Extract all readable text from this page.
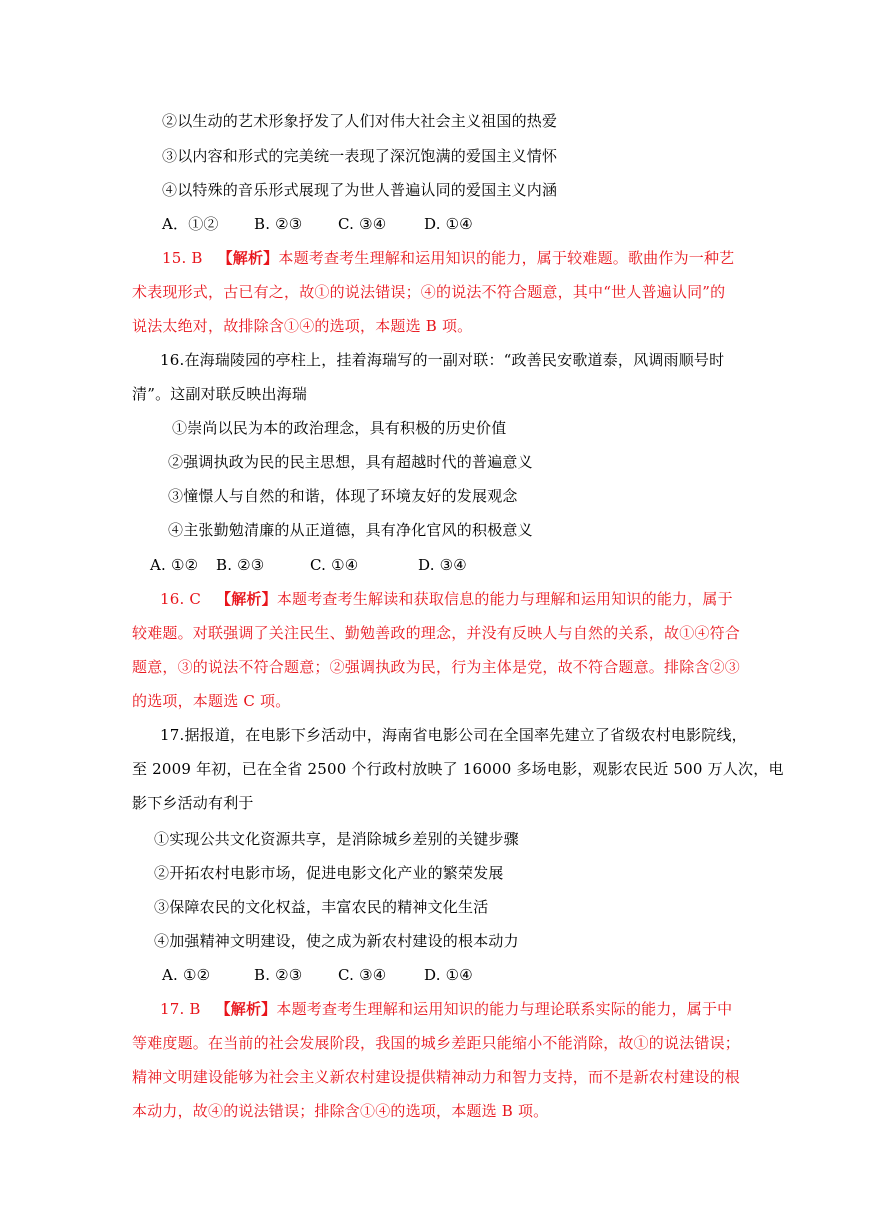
②以生动的艺术形象抒发了人们对伟大社会主义祖国的热爱
③以内容和形式的完美统一表现了深沉饱满的爱国主义情怀
④以特殊的音乐形式展现了为世人普遍认同的爱国主义内涵
A．①② B. ②③ C. ③④	D. ①④
15. B 【解析】本题考查考生理解和运用知识的能力，属于较难题。歌曲作为一种艺
术表现形式，古已有之，故①的说法错误；④的说法不符合题意，其中“世人普遍认同”的
说法太绝对，故排除含①④的选项，本题选 B 项。
16.在海瑞陵园的亭柱上，挂着海瑞写的一副对联：“政善民安歌道泰，风调雨顺号时
清”。这副对联反映出海瑞
①崇尚以民为本的政治理念，具有积极的历史价值
②强调执政为民的民主思想，具有超越时代的普遍意义
③憧憬人与自然的和谐，体现了环境友好的发展观念
④主张勤勉清廉的从正道德，具有净化官风的积极意义
A. ①② B. ②③	C. ①④	D. ③④
16. C 【解析】本题考查考生解读和获取信息的能力与理解和运用知识的能力，属于
较难题。对联强调了关注民生、勤勉善政的理念，并没有反映人与自然的关系，故①④符合
题意，③的说法不符合题意；②强调执政为民，行为主体是党，故不符合题意。排除含②③
的选项，本题选 C 项。
17.据报道，在电影下乡活动中，海南省电影公司在全国率先建立了省级农村电影院线，
至 2009 年初，已在全省 2500 个行政村放映了 16000 多场电影，观影农民近 500 万人次，电
影下乡活动有利于
①实现公共文化资源共享，是消除城乡差别的关键步骤
②开拓农村电影市场，促进电影文化产业的繁荣发展
③保障农民的文化权益，丰富农民的精神文化生活
④加强精神文明建设，使之成为新农村建设的根本动力
A. ①②	B. ②③ C. ③④	D. ①④
17. B 【解析】本题考查考生理解和运用知识的能力与理论联系实际的能力，属于中
等难度题。在当前的社会发展阶段，我国的城乡差距只能缩小不能消除，故①的说法错误；
精神文明建设能够为社会主义新农村建设提供精神动力和智力支持，而不是新农村建设的根
本动力，故④的说法错误；排除含①④的选项，本题选 B 项。
